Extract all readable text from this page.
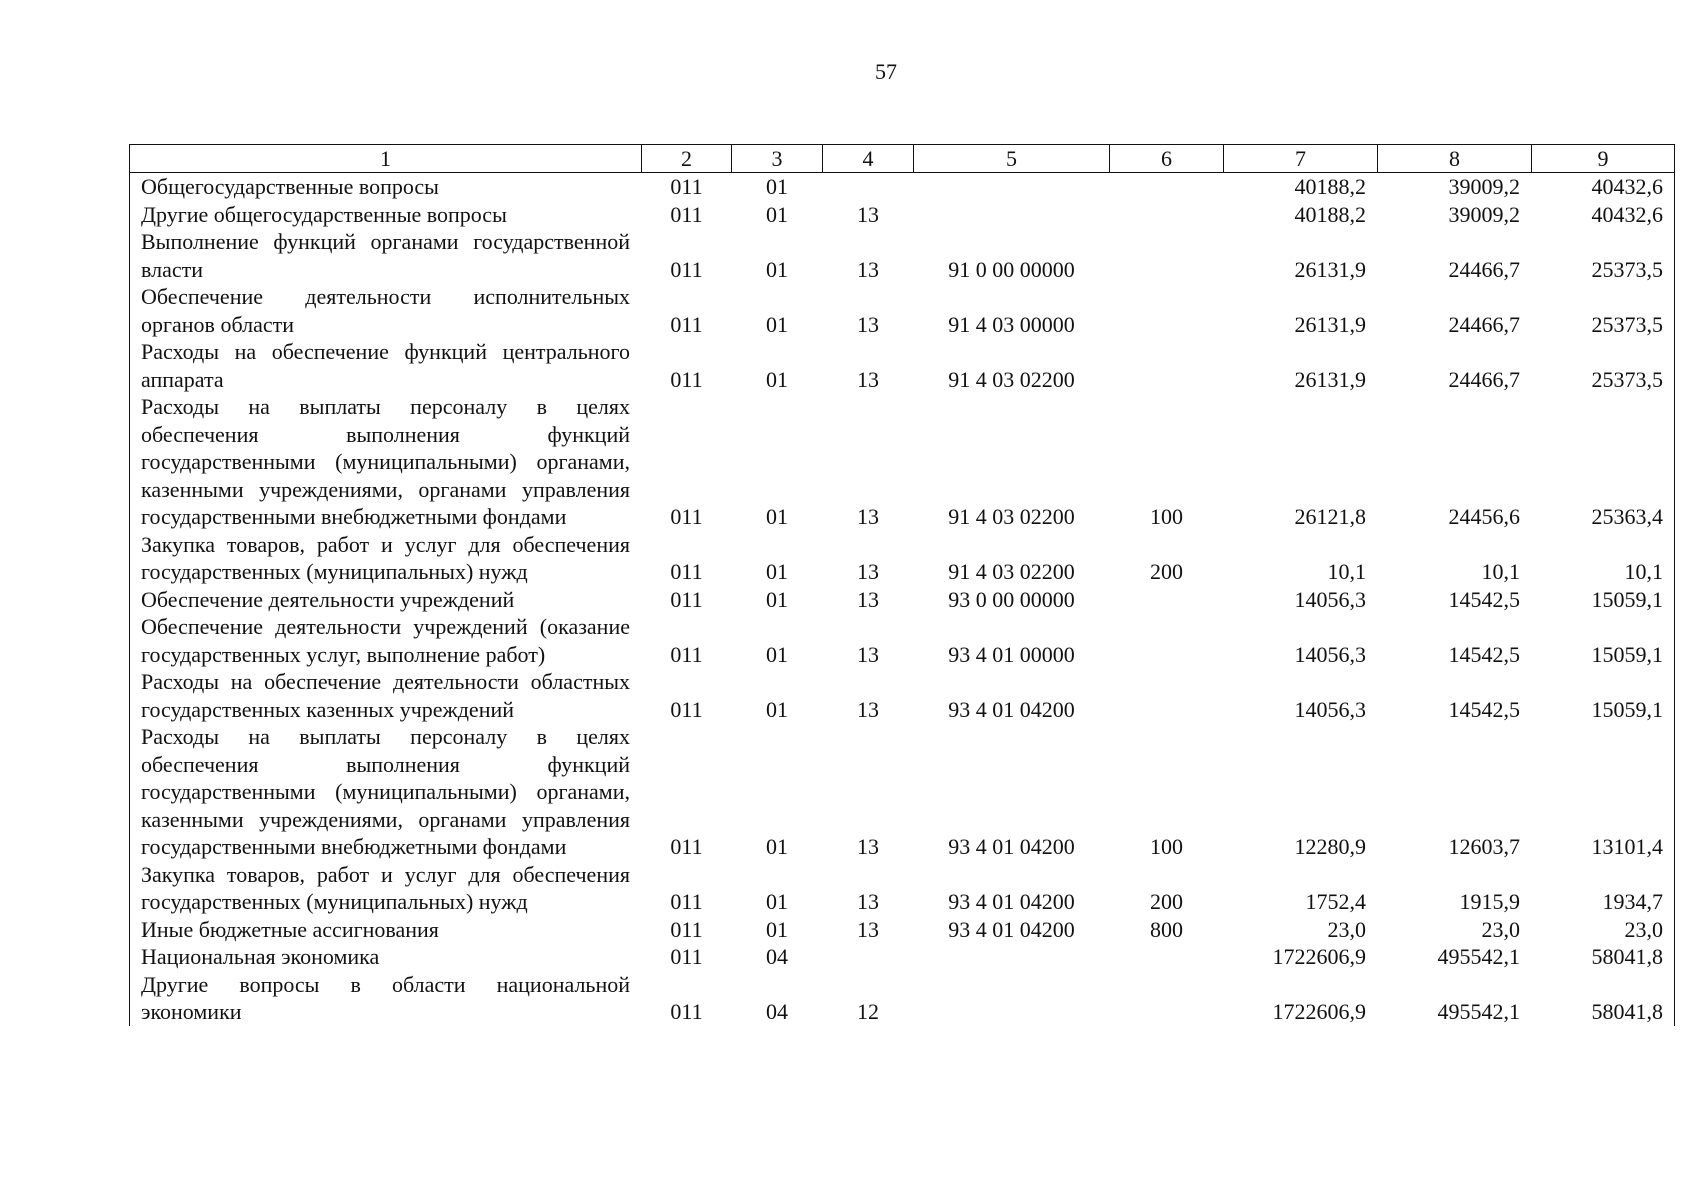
57
1	2	3	4	5	6	7	8	9
Общегосударственные вопросы	011	01				40188,2	39009,2	40432,6
Другие общегосударственные вопросы	011	01	13			40188,2	39009,2	40432,6
Выполнение функций органами государственной власти	011	01	13	91 0 00 00000		26131,9	24466,7	25373,5
Обеспечение деятельности исполнительных органов области	011	01	13	91 4 03 00000		26131,9	24466,7	25373,5
Расходы на обеспечение функций центрального аппарата	011	01	13	91 4 03 02200		26131,9	24466,7	25373,5
Расходы на выплаты персоналу в целях обеспечения выполнения функций государственными (муниципальными) органами, казенными учреждениями, органами управления государственными внебюджетными фондами	011	01	13	91 4 03 02200	100	26121,8	24456,6	25363,4
Закупка товаров, работ и услуг для обеспечения государственных (муниципальных) нужд	011	01	13	91 4 03 02200	200	10,1	10,1	10,1
Обеспечение деятельности учреждений	011	01	13	93 0 00 00000		14056,3	14542,5	15059,1
Обеспечение деятельности учреждений (оказание государственных услуг, выполнение работ)	011	01	13	93 4 01 00000		14056,3	14542,5	15059,1
Расходы на обеспечение деятельности областных государственных казенных учреждений	011	01	13	93 4 01 04200		14056,3	14542,5	15059,1
Расходы на выплаты персоналу в целях обеспечения выполнения функций государственными (муниципальными) органами, казенными учреждениями, органами управления государственными внебюджетными фондами	011	01	13	93 4 01 04200	100	12280,9	12603,7	13101,4
Закупка товаров, работ и услуг для обеспечения государственных (муниципальных) нужд	011	01	13	93 4 01 04200	200	1752,4	1915,9	1934,7
Иные бюджетные ассигнования	011	01	13	93 4 01 04200	800	23,0	23,0	23,0
Национальная экономика	011	04				1722606,9	495542,1	58041,8
Другие вопросы в области национальной экономики	011	04	12			1722606,9	495542,1	58041,8
